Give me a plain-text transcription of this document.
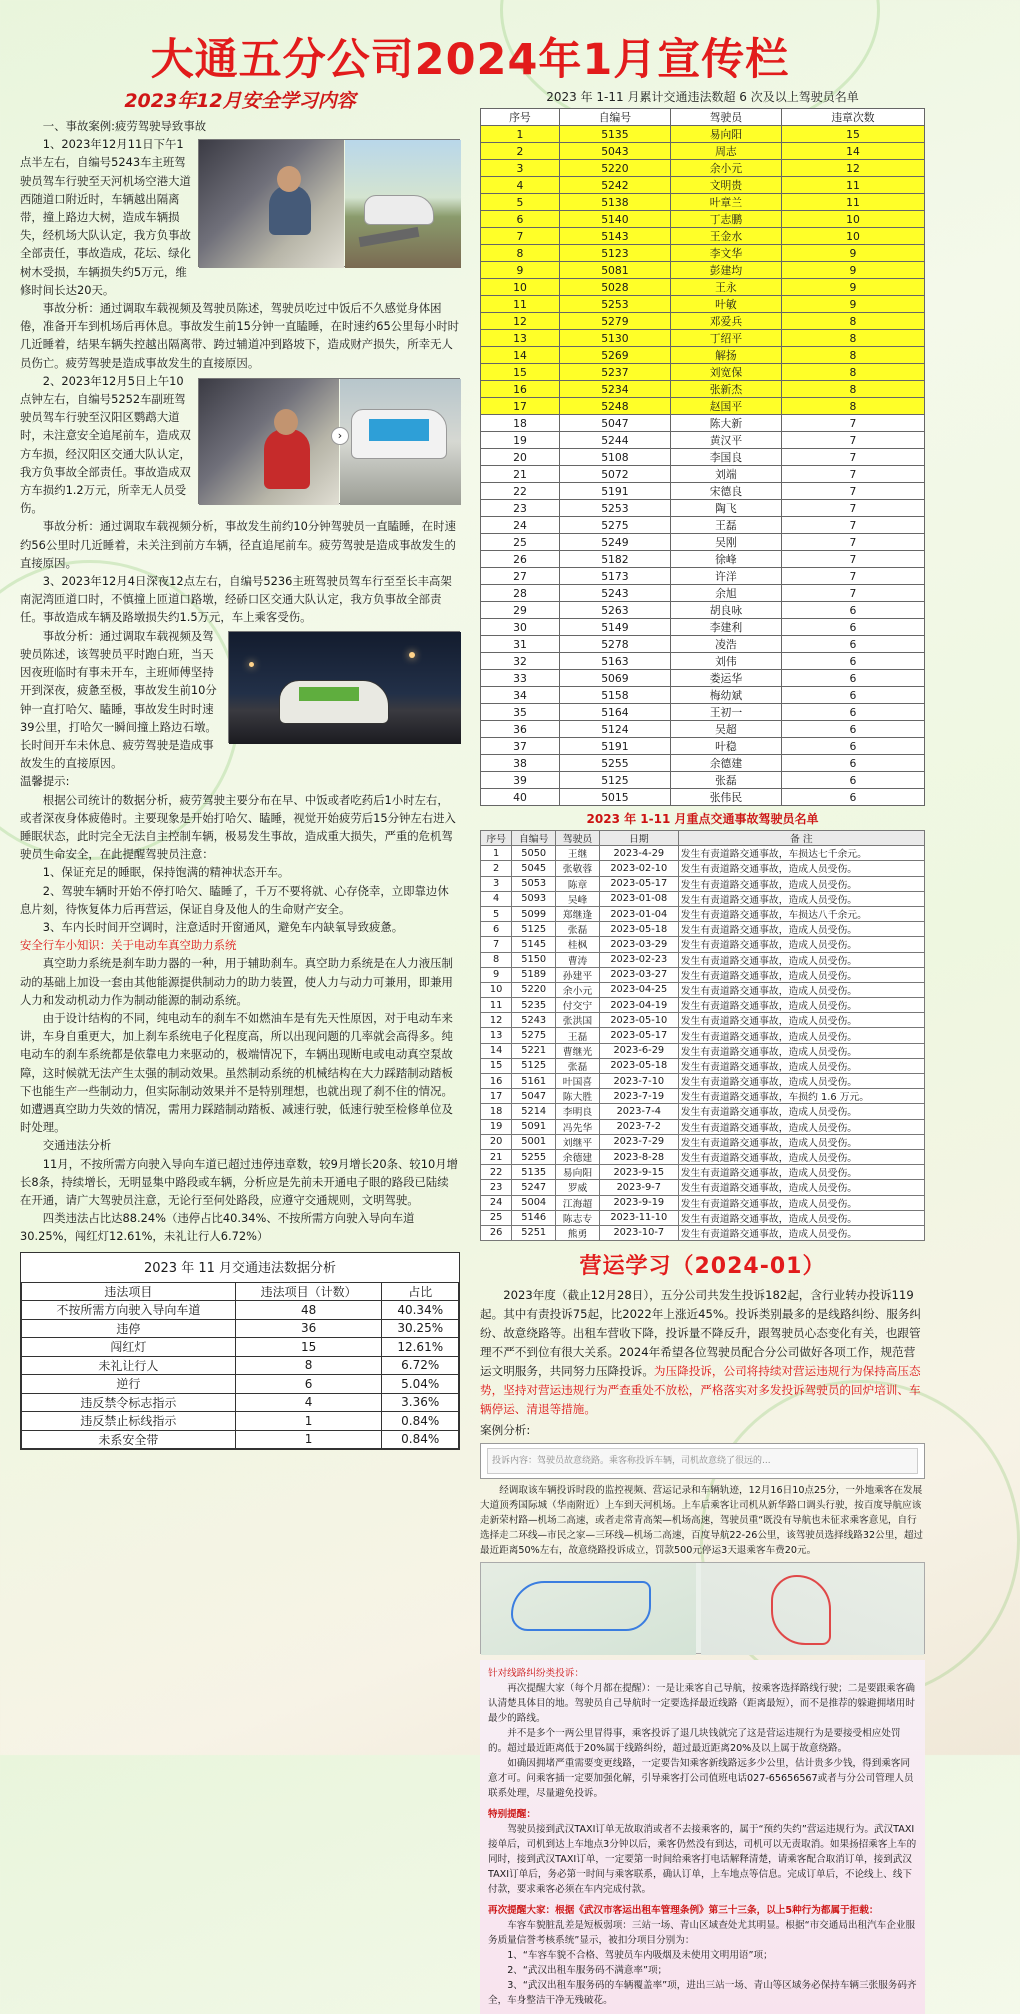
大通五分公司2024年1月宣传栏
2023年12月安全学习内容

一、事故案例:疲劳驾驶导致事故

1、2023年12月11日下午1点半左右，自编号5243车主班驾驶员驾车行驶至天河机场空港大道西随道口附近时，车辆越出隔离带，撞上路边大树，造成车辆损失，经机场大队认定，我方负事故全部责任，事故造成，花坛、绿化树木受损，车辆损失约5万元，维修时间长达20天。

事故分析：通过调取车载视频及驾驶员陈述，驾驶员吃过中饭后不久感觉身体困倦，准备开车到机场后再休息。事故发生前15分钟一直瞌睡，在时速约65公里每小时时几近睡着，结果车辆失控越出隔离带、跨过辅道冲到路坡下，造成财产损失，所幸无人员伤亡。疲劳驾驶是造成事故发生的直接原因。

›

2、2023年12月5日上午10点钟左右，自编号5252车副班驾驶员驾车行驶至汉阳区鹦鹉大道时，未注意安全追尾前车，造成双方车损，经汉阳区交通大队认定，我方负事故全部责任。事故造成双方车损约1.2万元，所幸无人员受伤。

事故分析：通过调取车载视频分析，事故发生前约10分钟驾驶员一直瞌睡，在时速约56公里时几近睡着，未关注到前方车辆，径直追尾前车。疲劳驾驶是造成事故发生的直接原因。

3、2023年12月4日深夜12点左右，自编号5236主班驾驶员驾车行至至长丰高架南泥湾匝道口时，不慎撞上匝道口路墩，经硚口区交通大队认定，我方负事故全部责任。事故造成车辆及路墩损失约1.5万元，车上乘客受伤。

事故分析：通过调取车载视频及驾驶员陈述，该驾驶员平时跑白班，当天因夜班临时有事未开车，主班师傅坚持开到深夜，疲惫至极，事故发生前10分钟一直打哈欠、瞌睡，事故发生时时速39公里，打哈欠一瞬间撞上路边石墩。长时间开车未休息、疲劳驾驶是造成事故发生的直接原因。

温馨提示:

根据公司统计的数据分析，疲劳驾驶主要分布在早、中饭或者吃药后1小时左右，或者深夜身体疲倦时。主要现象是开始打哈欠、瞌睡，视觉开始疲劳后15分钟左右进入睡眠状态，此时完全无法自主控制车辆，极易发生事故，造成重大损失，严重的危机驾驶员生命安全，在此提醒驾驶员注意：

1、保证充足的睡眠，保持饱满的精神状态开车。

2、驾驶车辆时开始不停打哈欠、瞌睡了，千万不要将就、心存侥幸，立即靠边休息片刻，待恢复体力后再营运，保证自身及他人的生命财产安全。

3、车内长时间开空调时，注意适时开窗通风，避免车内缺氧导致疲惫。

安全行车小知识：关于电动车真空助力系统

真空助力系统是刹车助力器的一种，用于辅助刹车。真空助力系统是在人力液压制动的基础上加设一套由其他能源提供制动力的助力装置，使人力与动力可兼用，即兼用人力和发动机动力作为制动能源的制动系统。

由于设计结构的不同，纯电动车的刹车不如燃油车是有先天性原因，对于电动车来讲，车身自重更大，加上刹车系统电子化程度高，所以出现问题的几率就会高得多。纯电动车的刹车系统都是依靠电力来驱动的，极端情况下，车辆出现断电或电动真空泵故障，这时候就无法产生太强的制动效果。虽然制动系统的机械结构在大力踩踏制动踏板下也能生产一些制动力，但实际制动效果并不是特别理想，也就出现了刹不住的情况。如遭遇真空助力失效的情况，需用力踩踏制动踏板、减速行驶，低速行驶至检修单位及时处理。

交通违法分析

11月，不按所需方向驶入导向车道已超过违停违章数，较9月增长20条、较10月增长8条，持续增长，无明显集中路段或车辆，分析应是先前未开通电子眼的路段已陆续在开通，请广大驾驶员注意，无论行至何处路段，应遵守交通规则，文明驾驶。

四类违法占比达88.24%（违停占比40.34%、不按所需方向驶入导向车道30.25%，闯红灯12.61%，未礼让行人6.72%）

2023 年 11 月交通违法数据分析
违法项目	违法项目（计数）	占比
不按所需方向驶入导向车道	48	40.34%
违停	36	30.25%
闯红灯	15	12.61%
未礼让行人	8	6.72%
逆行	6	5.04%
违反禁令标志指示	4	3.36%
违反禁止标线指示	1	0.84%
未系安全带	1	0.84%
2023 年 1-11 月累计交通违法数超 6 次及以上驾驶员名单
序号	自编号	驾驶员	违章次数
1	5135	易向阳	15
2	5043	周志	14
3	5220	余小元	12
4	5242	文明贵	11
5	5138	叶章兰	11
6	5140	丁志鹏	10
7	5143	王金水	10
8	5123	李文华	9
9	5081	彭建均	9
10	5028	王永	9
11	5253	叶敏	9
12	5279	邓爱兵	8
13	5130	丁绍平	8
14	5269	解扬	8
15	5237	刘宽保	8
16	5234	张新杰	8
17	5248	赵国平	8
18	5047	陈大新	7
19	5244	黄汉平	7
20	5108	李国良	7
21	5072	刘端	7
22	5191	宋德良	7
23	5253	陶飞	7
24	5275	王磊	7
25	5249	吴刚	7
26	5182	徐峰	7
27	5173	许洋	7
28	5243	余旭	7
29	5263	胡良咏	6
30	5149	李建利	6
31	5278	凌浩	6
32	5163	刘伟	6
33	5069	娄运华	6
34	5158	梅幼斌	6
35	5164	王初一	6
36	5124	吴超	6
37	5191	叶稳	6
38	5255	余德建	6
39	5125	张磊	6
40	5015	张伟民	6
2023 年 1-11 月重点交通事故驾驶员名单
序号	自编号	驾驶员	日期	备 注
1	5050	王继	2023-4-29	发生有责道路交通事故，车损达七千余元。
2	5045	张敬蓉	2023-02-10	发生有责道路交通事故，造成人员受伤。
3	5053	陈章	2023-05-17	发生有责道路交通事故，造成人员受伤。
4	5093	吴峰	2023-01-08	发生有责道路交通事故，造成人员受伤。
5	5099	郑继逢	2023-01-04	发生有责道路交通事故，车损达八千余元。
6	5125	张磊	2023-05-18	发生有责道路交通事故，造成人员受伤。
7	5145	桂枫	2023-03-29	发生有责道路交通事故，造成人员受伤。
8	5150	曹涛	2023-02-23	发生有责道路交通事故，造成人员受伤。
9	5189	孙建平	2023-03-27	发生有责道路交通事故，造成人员受伤。
10	5220	余小元	2023-04-25	发生有责道路交通事故，造成人员受伤。
11	5235	付交宁	2023-04-19	发生有责道路交通事故，造成人员受伤。
12	5243	张洪国	2023-05-10	发生有责道路交通事故，造成人员受伤。
13	5275	王磊	2023-05-17	发生有责道路交通事故，造成人员受伤。
14	5221	曹继光	2023-6-29	发生有责道路交通事故，造成人员受伤。
15	5125	张磊	2023-05-18	发生有责道路交通事故，造成人员受伤。
16	5161	叶国喜	2023-7-10	发生有责道路交通事故，造成人员受伤。
17	5047	陈大胜	2023-7-19	发生有责道路交通事故，车损约 1.6 万元。
18	5214	李明良	2023-7-4	发生有责道路交通事故，造成人员受伤。
19	5091	冯先华	2023-7-2	发生有责道路交通事故，造成人员受伤。
20	5001	刘继平	2023-7-29	发生有责道路交通事故，造成人员受伤。
21	5255	余德建	2023-8-28	发生有责道路交通事故，造成人员受伤。
22	5135	易向阳	2023-9-15	发生有责道路交通事故，造成人员受伤。
23	5247	罗威	2023-9-7	发生有责道路交通事故，造成人员受伤。
24	5004	江海超	2023-9-19	发生有责道路交通事故，造成人员受伤。
25	5146	陈志专	2023-11-10	发生有责道路交通事故，造成人员受伤。
26	5251	熊勇	2023-10-7	发生有责道路交通事故，造成人员受伤。
营运学习（2024-01）

2023年度（截止12月28日），五分公司共发生投诉182起，含行业转办投诉119起。其中有责投诉75起，比2022年上涨近45%。投诉类别最多的是线路纠纷、服务纠纷、故意绕路等。出租车营收下降，投诉量不降反升，跟驾驶员心态变化有关，也跟管理不严不到位有很大关系。2024年希望各位驾驶员配合分公司做好各项工作，规范营运文明服务，共同努力压降投诉。为压降投诉，公司将持续对营运违规行为保持高压态势，坚持对营运违规行为严查重处不放松，严格落实对多发投诉驾驶员的回炉培训、车辆停运、清退等措施。

案例分析:

投诉内容：驾驶员故意绕路。乘客称投诉车辆，司机故意绕了很远的...

经调取该车辆投诉时段的监控视频、营运记录和车辆轨迹，12月16日10点25分，一外地乘客在发展大道顶秀国际城（华南附近）上车到天河机场。上车后乘客让司机从新华路口调头行驶，按百度导航应该走新荣村路—机场二高速，或者走常青高架—机场高速，驾驶员重“既没有导航也未征求乘客意见，自行选择走二环线—市民之家—三环线—机场二高速，百度导航22-26公里，该驾驶员选择线路32公里，超过最近距离50%左右，故意绕路投诉成立，罚款500元停运3天退乘客车费20元。

针对线路纠纷类投诉：

再次提醒大家（每个月都在提醒）：一是让乘客自己导航，按乘客选择路线行驶；二是要跟乘客确认清楚具体目的地。驾驶员自己导航时一定要选择最近线路（距离最短），而不是推荐的躲避拥堵用时最少的路线。

并不是多个一两公里冒得事，乘客投诉了退几块钱就完了这是营运违规行为是要接受相应处罚的。超过最近距离低于20%属于线路纠纷，超过最近距离20%及以上属于故意绕路。

如确因拥堵严重需要变更线路，一定要告知乘客新线路远多少公里，估计贵多少钱，得到乘客同意才可。问乘客插一定要加强化解，引导乘客打公司值班电话027-65656567或者与分公司管理人员联系处理，尽量避免投诉。

特别提醒：

驾驶员接到武汉TAXI订单无故取消或者不去接乘客的，属于“预约失约”营运违规行为。武汉TAXI接单后，司机到达上车地点3分钟以后，乘客仍然没有到达，司机可以无责取消。如果扬招乘客上车的同时，接到武汉TAXI订单，一定要第一时间给乘客打电话解释清楚，请乘客配合取消订单，接到武汉TAXI订单后，务必第一时间与乘客联系，确认订单，上车地点等信息。完成订单后，不论线上、线下付款，要求乘客必须在车内完成付款。

再次提醒大家：根据《武汉市客运出租车管理条例》第三十三条，以上5种行为都属于拒载：

车容车貌脏乱差是短板弱项：三站一场、青山区域查处尤其明显。根据“市交通局出租汽车企业服务质量信誉考核系统”显示，被扣分项目分别为：

1、“车容车貌不合格、驾驶员车内吸烟及未使用文明用语”项；

2、“武汉出租车服务码不满意率”项；

3、“武汉出租车服务码的车辆覆盖率”项，进出三站一场、青山等区域务必保持车辆三张服务码齐全，车身整洁干净无残破花。
